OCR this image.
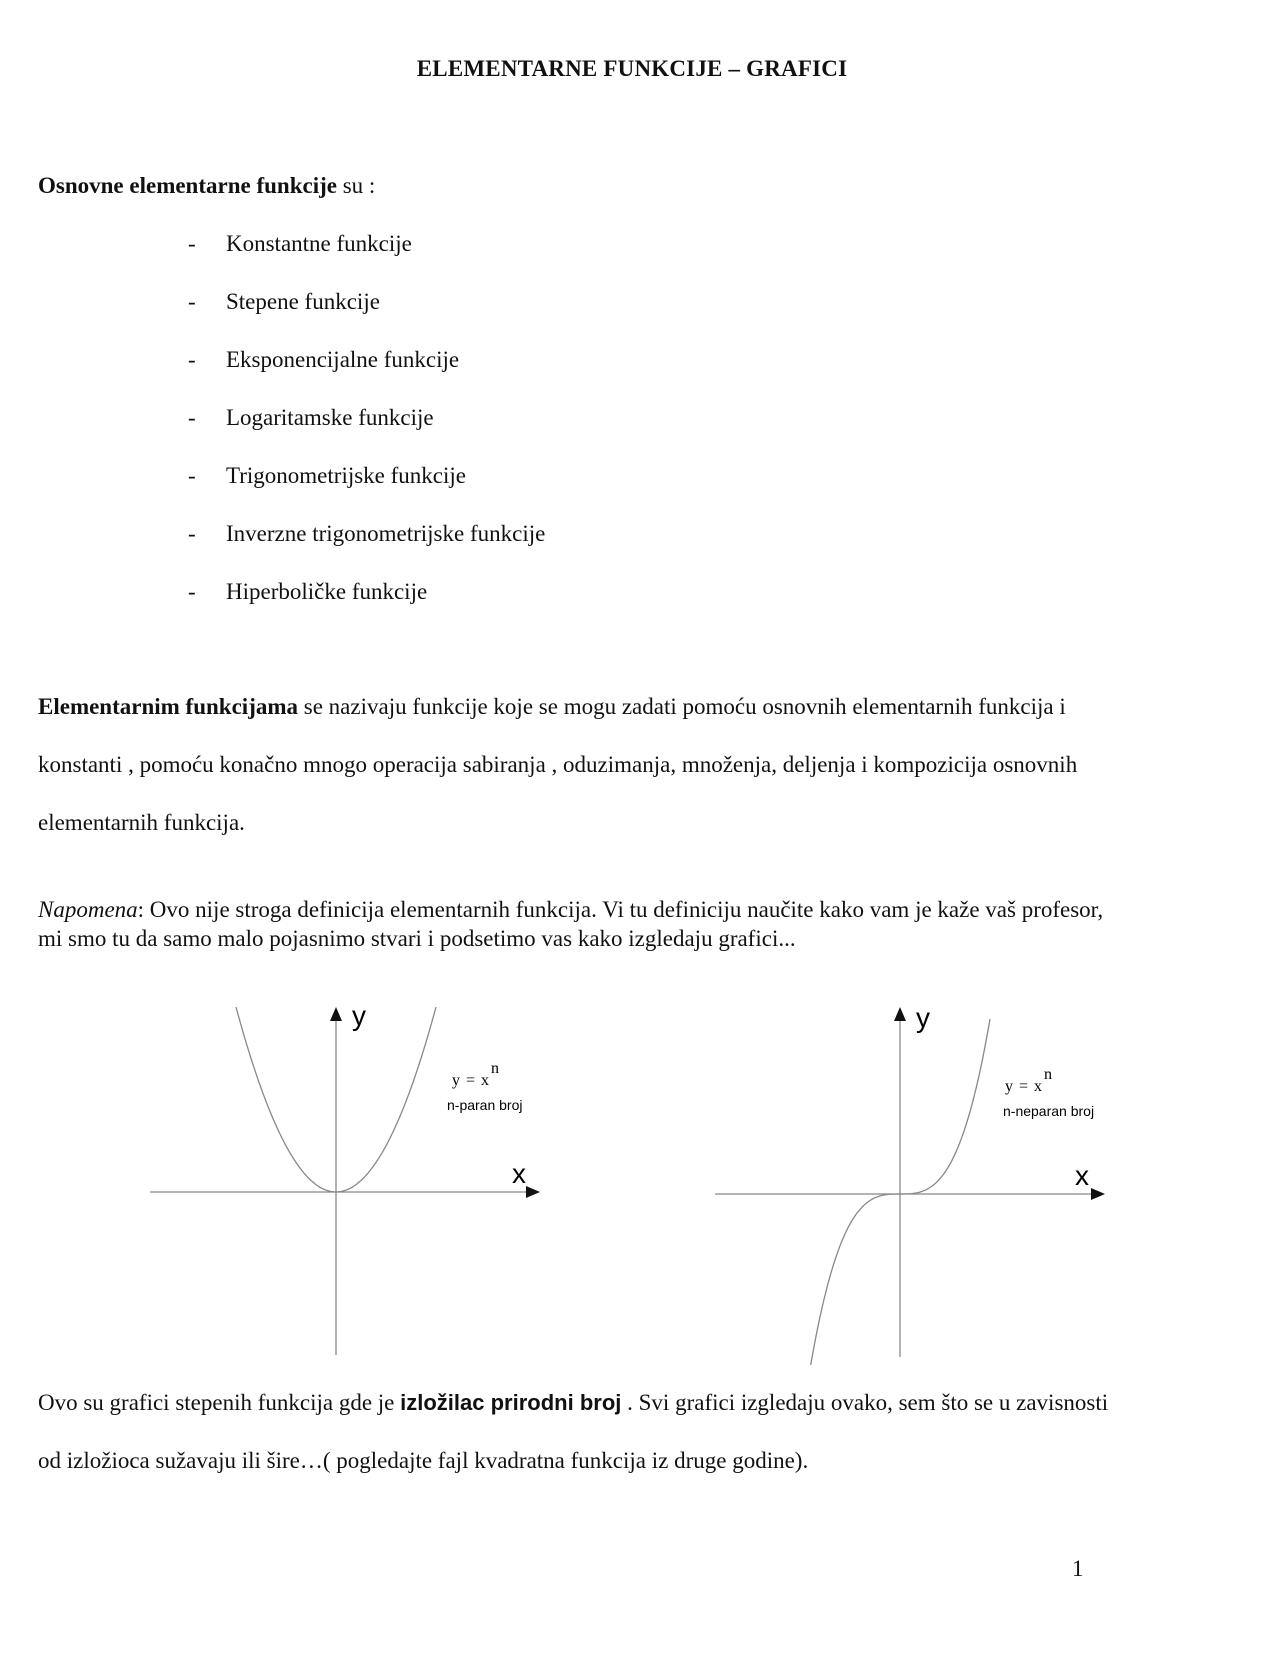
ELEMENTARNE FUNKCIJE – GRAFICI
Osnovne elementarne funkcije su :
- Konstantne funkcije
- Stepene funkcije
- Eksponencijalne funkcije
- Logaritamske funkcije
- Trigonometrijske funkcije
- Inverzne trigonometrijske funkcije
- Hiperboličke funkcije
Elementarnim funkcijama se nazivaju funkcije koje se mogu zadati pomoću osnovnih elementarnih funkcija i
konstanti , pomoću konačno mnogo operacija sabiranja , oduzimanja, množenja, deljenja i kompozicija osnovnih
elementarnih funkcija.
Napomena: Ovo nije stroga definicija elementarnih funkcija. Vi tu definiciju naučite kako vam je kaže vaš profesor,
mi smo tu da samo malo pojasnimo stvari i podsetimo vas kako izgledaju grafici...
y
x
y = xn
n-paran broj
y
x
y = xn
n-neparan broj
Ovo su grafici stepenih funkcija gde je izložilac prirodni broj . Svi grafici izgledaju ovako, sem što se u zavisnosti
od izložioca sužavaju ili šire…( pogledajte fajl kvadratna funkcija iz druge godine).
1
